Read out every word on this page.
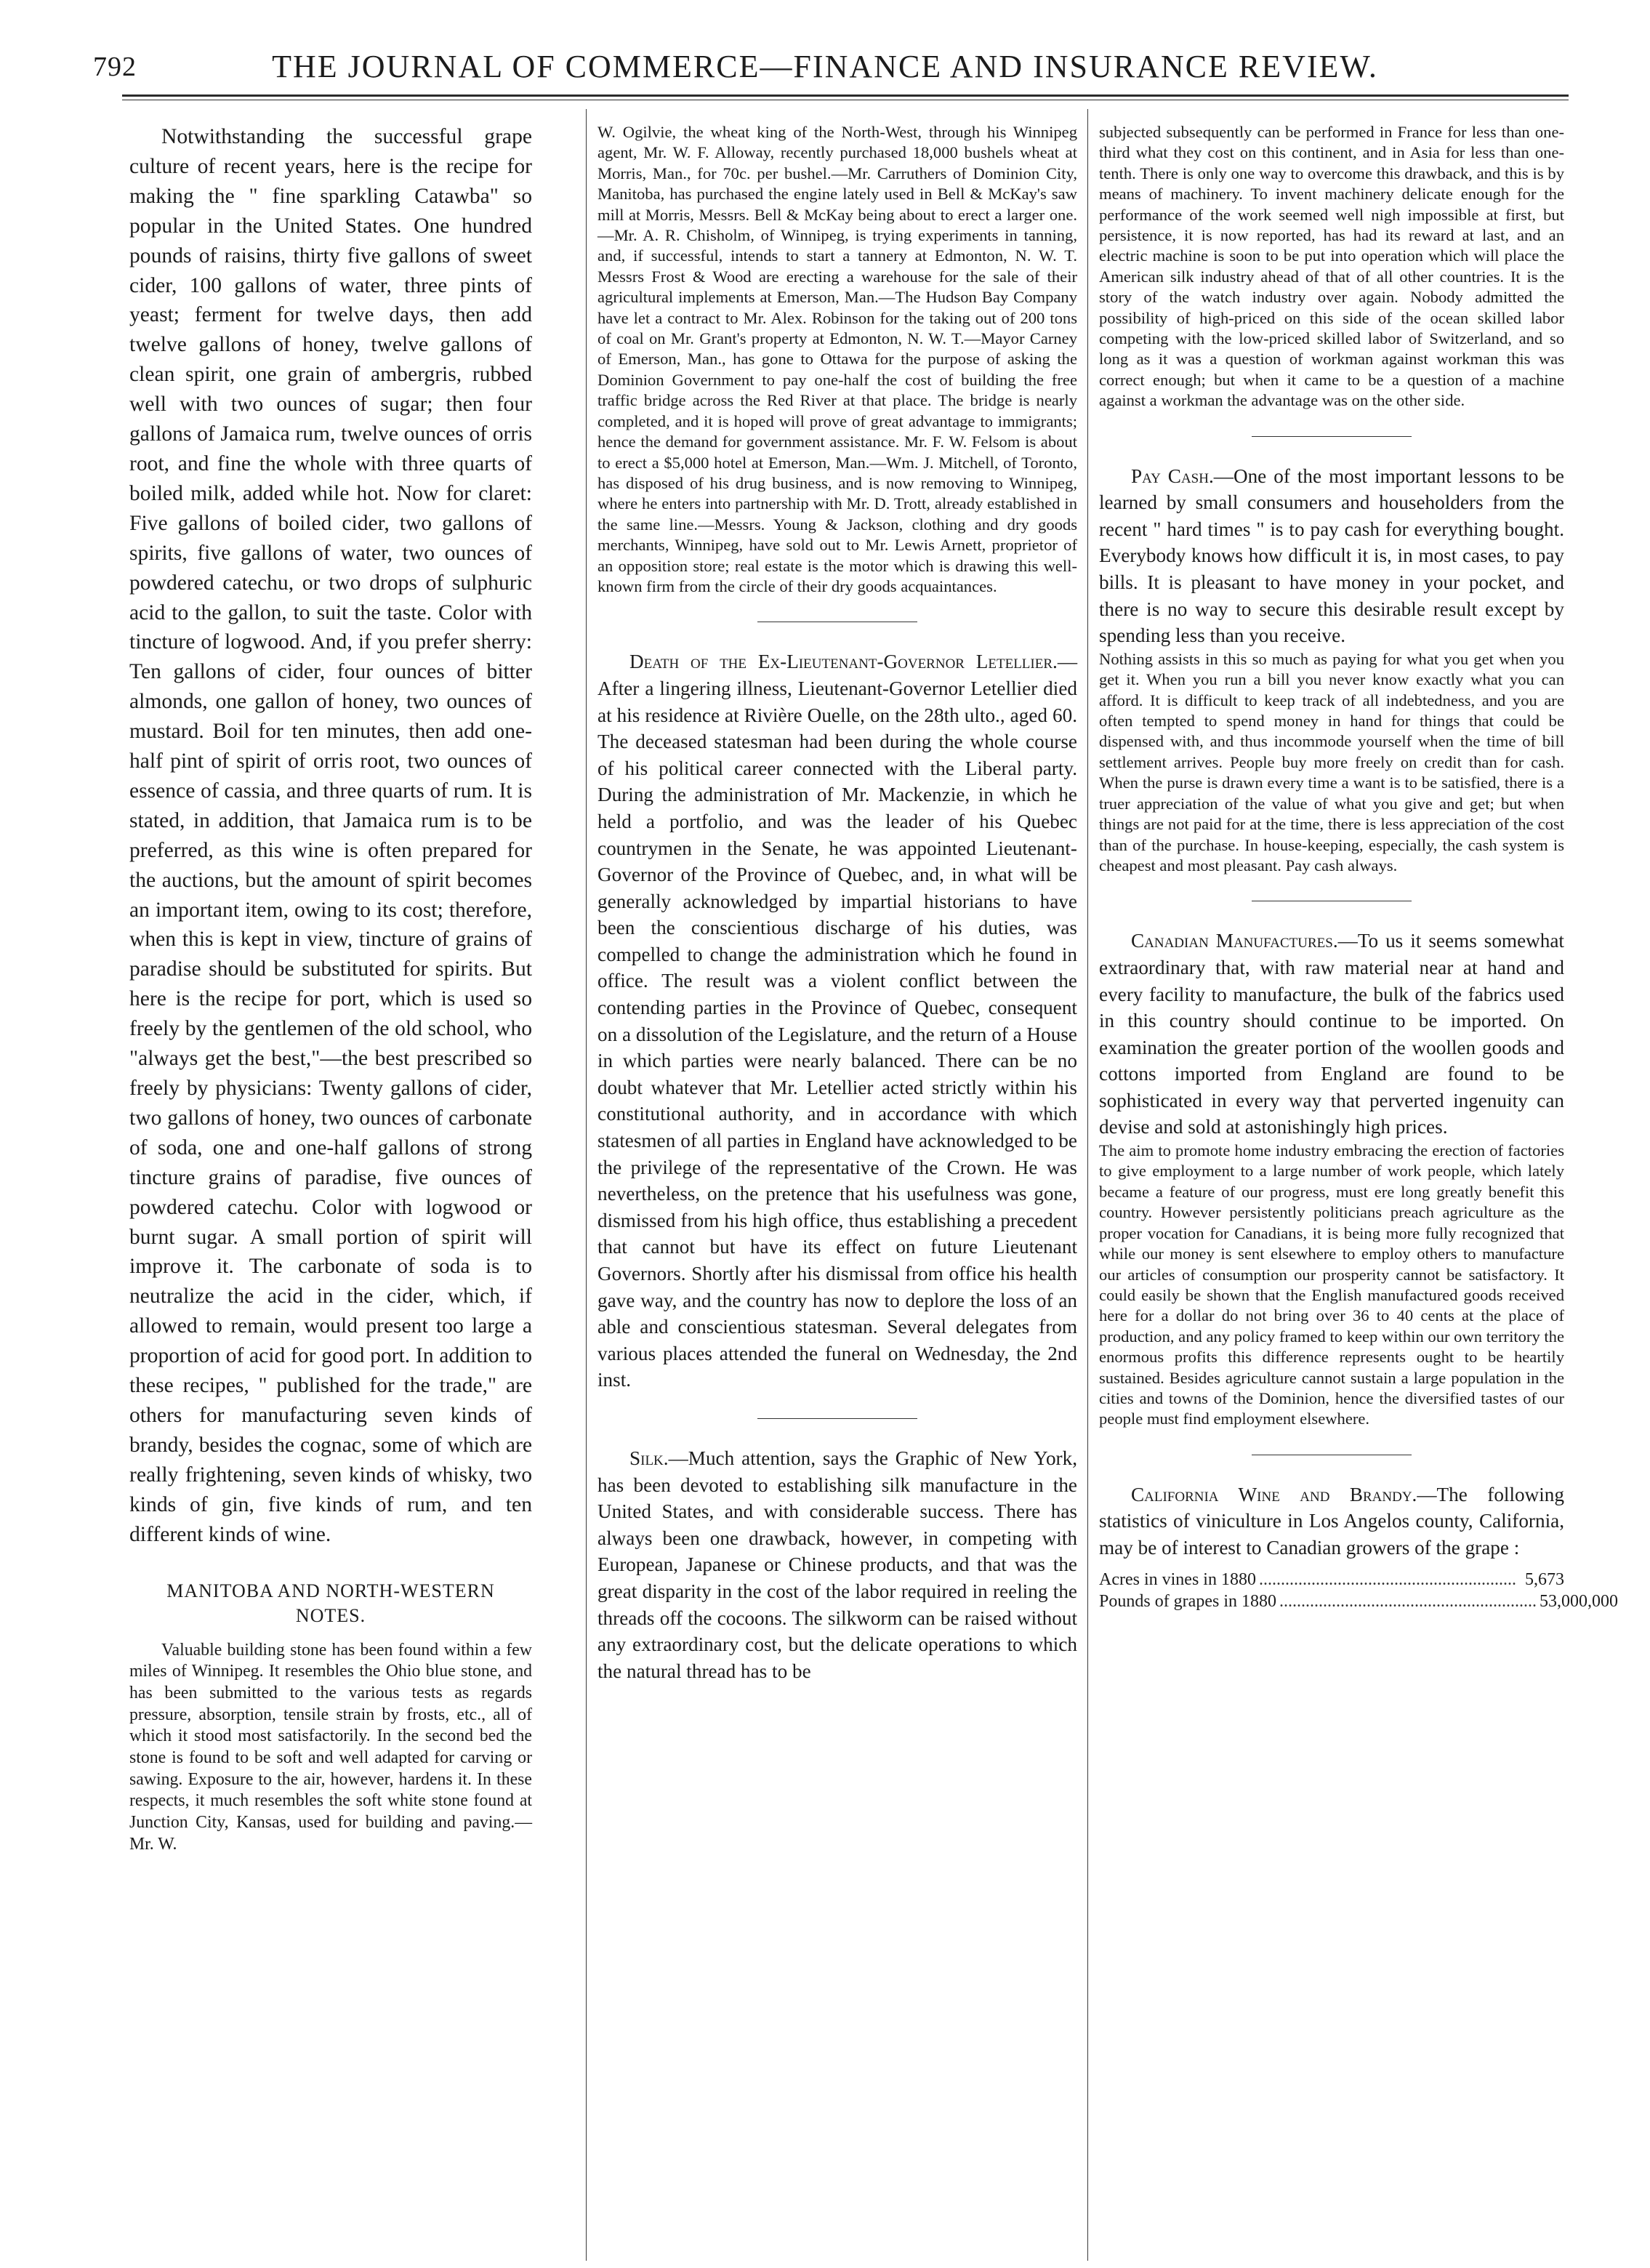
792	THE JOURNAL OF COMMERCE—FINANCE AND INSURANCE REVIEW.

Notwithstanding the successful grape culture of recent years, here is the recipe for making the " fine sparkling Catawba" so popular in the United States. One hundred pounds of raisins, thirty five gallons of sweet cider, 100 gallons of water, three pints of yeast; ferment for twelve days, then add twelve gallons of honey, twelve gallons of clean spirit, one grain of ambergris, rubbed well with two ounces of sugar; then four gallons of Jamaica rum, twelve ounces of orris root, and fine the whole with three quarts of boiled milk, added while hot. Now for claret: Five gallons of boiled cider, two gallons of spirits, five gallons of water, two ounces of powdered catechu, or two drops of sulphuric acid to the gallon, to suit the taste. Color with tincture of logwood. And, if you prefer sherry: Ten gallons of cider, four ounces of bitter almonds, one gallon of honey, two ounces of mustard. Boil for ten minutes, then add one-half pint of spirit of orris root, two ounces of essence of cassia, and three quarts of rum. It is stated, in addition, that Jamaica rum is to be preferred, as this wine is often prepared for the auctions, but the amount of spirit becomes an important item, owing to its cost; therefore, when this is kept in view, tincture of grains of paradise should be substituted for spirits. But here is the recipe for port, which is used so freely by the gentlemen of the old school, who "always get the best,"—the best prescribed so freely by physicians: Twenty gallons of cider, two gallons of honey, two ounces of carbonate of soda, one and one-half gallons of strong tincture grains of paradise, five ounces of powdered catechu. Color with logwood or burnt sugar. A small portion of spirit will improve it. The carbonate of soda is to neutralize the acid in the cider, which, if allowed to remain, would present too large a proportion of acid for good port. In addition to these recipes, " published for the trade," are others for manufacturing seven kinds of brandy, besides the cognac, some of which are really frightening, seven kinds of whisky, two kinds of gin, five kinds of rum, and ten different kinds of wine.

MANITOBA AND NORTH-WESTERN NOTES.

Valuable building stone has been found within a few miles of Winnipeg. It resembles the Ohio blue stone, and has been submitted to the various tests as regards pressure, absorption, tensile strain by frosts, etc., all of which it stood most satisfactorily. In the second bed the stone is found to be soft and well adapted for carving or sawing. Exposure to the air, however, hardens it. In these respects, it much resembles the soft white stone found at Junction City, Kansas, used for building and paving.—Mr. W.

W. Ogilvie, the wheat king of the North-West, through his Winnipeg agent, Mr. W. F. Alloway, recently purchased 18,000 bushels wheat at Morris, Man., for 70c. per bushel.—Mr. Carruthers of Dominion City, Manitoba, has purchased the engine lately used in Bell & McKay's saw mill at Morris, Messrs. Bell & McKay being about to erect a larger one.—Mr. A. R. Chisholm, of Winnipeg, is trying experiments in tanning, and, if successful, intends to start a tannery at Edmonton, N. W. T. Messrs Frost & Wood are erecting a warehouse for the sale of their agricultural implements at Emerson, Man.—The Hudson Bay Company have let a contract to Mr. Alex. Robinson for the taking out of 200 tons of coal on Mr. Grant's property at Edmonton, N. W. T.—Mayor Carney of Emerson, Man., has gone to Ottawa for the purpose of asking the Dominion Government to pay one-half the cost of building the free traffic bridge across the Red River at that place. The bridge is nearly completed, and it is hoped will prove of great advantage to immigrants; hence the demand for government assistance. Mr. F. W. Felsom is about to erect a $5,000 hotel at Emerson, Man.—Wm. J. Mitchell, of Toronto, has disposed of his drug business, and is now removing to Winnipeg, where he enters into partnership with Mr. D. Trott, already established in the same line.—Messrs. Young & Jackson, clothing and dry goods merchants, Winnipeg, have sold out to Mr. Lewis Arnett, proprietor of an opposition store; real estate is the motor which is drawing this well-known firm from the circle of their dry goods acquaintances.

Death of the Ex-Lieutenant-Governor Letellier.—After a lingering illness, Lieutenant-Governor Letellier died at his residence at Rivière Ouelle, on the 28th ulto., aged 60. The deceased statesman had been during the whole course of his political career connected with the Liberal party. During the administration of Mr. Mackenzie, in which he held a portfolio, and was the leader of his Quebec countrymen in the Senate, he was appointed Lieutenant-Governor of the Province of Quebec, and, in what will be generally acknowledged by impartial historians to have been the conscientious discharge of his duties, was compelled to change the administration which he found in office. The result was a violent conflict between the contending parties in the Province of Quebec, consequent on a dissolution of the Legislature, and the return of a House in which parties were nearly balanced. There can be no doubt whatever that Mr. Letellier acted strictly within his constitutional authority, and in accordance with which statesmen of all parties in England have acknowledged to be the privilege of the representative of the Crown. He was nevertheless, on the pretence that his usefulness was gone, dismissed from his high office, thus establishing a precedent that cannot but have its effect on future Lieutenant Governors. Shortly after his dismissal from office his health gave way, and the country has now to deplore the loss of an able and conscientious statesman. Several delegates from various places attended the funeral on Wednesday, the 2nd inst.

Silk.—Much attention, says the Graphic of New York, has been devoted to establishing silk manufacture in the United States, and with considerable success. There has always been one drawback, however, in competing with European, Japanese or Chinese products, and that was the great disparity in the cost of the labor required in reeling the threads off the cocoons. The silkworm can be raised without any extraordinary cost, but the delicate operations to which the natural thread has to be

subjected subsequently can be performed in France for less than one-third what they cost on this continent, and in Asia for less than one-tenth. There is only one way to overcome this drawback, and this is by means of machinery. To invent machinery delicate enough for the performance of the work seemed well nigh impossible at first, but persistence, it is now reported, has had its reward at last, and an electric machine is soon to be put into operation which will place the American silk industry ahead of that of all other countries. It is the story of the watch industry over again. Nobody admitted the possibility of high-priced on this side of the ocean skilled labor competing with the low-priced skilled labor of Switzerland, and so long as it was a question of workman against workman this was correct enough; but when it came to be a question of a machine against a workman the advantage was on the other side.

Pay Cash.—One of the most important lessons to be learned by small consumers and householders from the recent " hard times " is to pay cash for everything bought. Everybody knows how difficult it is, in most cases, to pay bills. It is pleasant to have money in your pocket, and there is no way to secure this desirable result except by spending less than you receive.

Nothing assists in this so much as paying for what you get when you get it. When you run a bill you never know exactly what you can afford. It is difficult to keep track of all indebtedness, and you are often tempted to spend money in hand for things that could be dispensed with, and thus incommode yourself when the time of bill settlement arrives. People buy more freely on credit than for cash. When the purse is drawn every time a want is to be satisfied, there is a truer appreciation of the value of what you give and get; but when things are not paid for at the time, there is less appreciation of the cost than of the purchase. In house-keeping, especially, the cash system is cheapest and most pleasant. Pay cash always.

Canadian Manufactures.—To us it seems somewhat extraordinary that, with raw material near at hand and every facility to manufacture, the bulk of the fabrics used in this country should continue to be imported. On examination the greater portion of the woollen goods and cottons imported from England are found to be sophisticated in every way that perverted ingenuity can devise and sold at astonishingly high prices.

The aim to promote home industry embracing the erection of factories to give employment to a large number of work people, which lately became a feature of our progress, must ere long greatly benefit this country. However persistently politicians preach agriculture as the proper vocation for Canadians, it is being more fully recognized that while our money is sent elsewhere to employ others to manufacture our articles of consumption our prosperity cannot be satisfactory. It could easily be shown that the English manufactured goods received here for a dollar do not bring over 36 to 40 cents at the place of production, and any policy framed to keep within our own territory the enormous profits this difference represents ought to be heartily sustained. Besides agriculture cannot sustain a large population in the cities and towns of the Dominion, hence the diversified tastes of our people must find employment elsewhere.

California Wine and Brandy.—The following statistics of viniculture in Los Angelos county, California, may be of interest to Canadian growers of the grape :

Acres in vines in 1880 ........................................................... 5,673
Pounds of grapes in 1880 ........................................................... 53,000,000
